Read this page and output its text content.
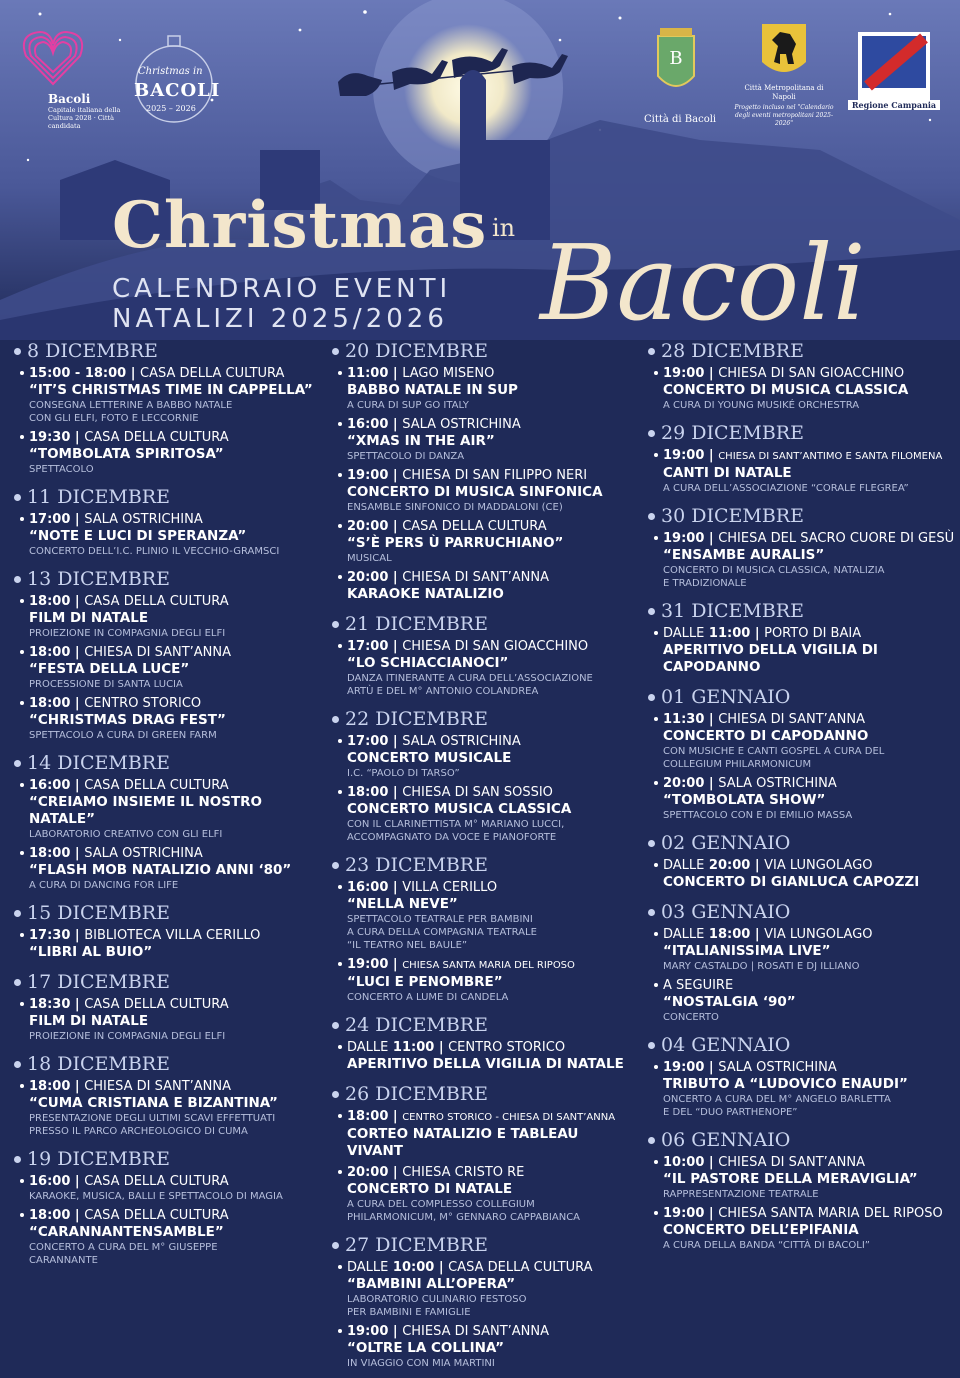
Bacoli
Capitale italiana della Cultura 2028 · Città candidata
Christmas in
BACOLI
2025 – 2026
B
Città di Bacoli
Città Metropolitana di Napoli
Progetto incluso nel "Calendario degli eventi metropolitani 2025-2026"
Regione Campania
Christmas in Bacoli
CALENDRAIO EVENTI
NATALIZI 2025/2026
8 DICEMBRE
15:00 - 18:00 | CASA DELLA CULTURA
“IT’S CHRISTMAS TIME IN CAPPELLA”
CONSEGNA LETTERINE A BABBO NATALE
CON GLI ELFI, FOTO E LECCORNIE
19:30 | CASA DELLA CULTURA
“TOMBOLATA SPIRITOSA”
SPETTACOLO
11 DICEMBRE
17:00 | SALA OSTRICHINA
“NOTE E LUCI DI SPERANZA”
CONCERTO DELL’I.C. PLINIO IL VECCHIO-GRAMSCI
13 DICEMBRE
18:00 | CASA DELLA CULTURA
FILM DI NATALE
PROIEZIONE IN COMPAGNIA DEGLI ELFI
18:00 | CHIESA DI SANT’ANNA
“FESTA DELLA LUCE”
PROCESSIONE DI SANTA LUCIA
18:00 | CENTRO STORICO
“CHRISTMAS DRAG FEST”
SPETTACOLO A CURA DI GREEN FARM
14 DICEMBRE
16:00 | CASA DELLA CULTURA
“CREIAMO INSIEME IL NOSTRO NATALE”
LABORATORIO CREATIVO CON GLI ELFI
18:00 | SALA OSTRICHINA
“FLASH MOB NATALIZIO ANNI ‘80”
A CURA DI DANCING FOR LIFE
15 DICEMBRE
17:30 | BIBLIOTECA VILLA CERILLO
“LIBRI AL BUIO”
17 DICEMBRE
18:30 | CASA DELLA CULTURA
FILM DI NATALE
PROIEZIONE IN COMPAGNIA DEGLI ELFI
18 DICEMBRE
18:00 | CHIESA DI SANT’ANNA
“CUMA CRISTIANA E BIZANTINA”
PRESENTAZIONE DEGLI ULTIMI SCAVI EFFETTUATI
PRESSO IL PARCO ARCHEOLOGICO DI CUMA
19 DICEMBRE
16:00 | CASA DELLA CULTURA
KARAOKE, MUSICA, BALLI E SPETTACOLO DI MAGIA
18:00 | CASA DELLA CULTURA
“CARANNANTENSAMBLE”
CONCERTO A CURA DEL M° GIUSEPPE
CARANNANTE
20 DICEMBRE
11:00 | LAGO MISENO
BABBO NATALE IN SUP
A CURA DI SUP GO ITALY
16:00 | SALA OSTRICHINA
“XMAS IN THE AIR”
SPETTACOLO DI DANZA
19:00 | CHIESA DI SAN FILIPPO NERI
CONCERTO DI MUSICA SINFONICA
ENSAMBLE SINFONICO DI MADDALONI (CE)
20:00 | CASA DELLA CULTURA
“S’È PERS Ù PARRUCHIANO”
MUSICAL
20:00 | CHIESA DI SANT’ANNA
KARAOKE NATALIZIO
21 DICEMBRE
17:00 | CHIESA DI SAN GIOACCHINO
“LO SCHIACCIANOCI”
DANZA ITINERANTE A CURA DELL’ASSOCIAZIONE
ARTÙ E DEL M° ANTONIO COLANDREA
22 DICEMBRE
17:00 | SALA OSTRICHINA
CONCERTO MUSICALE
I.C. “PAOLO DI TARSO”
18:00 | CHIESA DI SAN SOSSIO
CONCERTO MUSICA CLASSICA
CON IL CLARINETTISTA M° MARIANO LUCCI,
ACCOMPAGNATO DA VOCE E PIANOFORTE
23 DICEMBRE
16:00 | VILLA CERILLO
“NELLA NEVE”
SPETTACOLO TEATRALE PER BAMBINI
A CURA DELLA COMPAGNIA TEATRALE
“IL TEATRO NEL BAULE”
19:00 | CHIESA SANTA MARIA DEL RIPOSO
“LUCI E PENOMBRE”
CONCERTO A LUME DI CANDELA
24 DICEMBRE
DALLE 11:00 | CENTRO STORICO
APERITIVO DELLA VIGILIA DI NATALE
26 DICEMBRE
18:00 | CENTRO STORICO - CHIESA DI SANT’ANNA
CORTEO NATALIZIO E TABLEAU VIVANT
20:00 | CHIESA CRISTO RE
CONCERTO DI NATALE
A CURA DEL COMPLESSO COLLEGIUM
PHILARMONICUM, M° GENNARO CAPPABIANCA
27 DICEMBRE
DALLE 10:00 | CASA DELLA CULTURA
“BAMBINI ALL’OPERA”
LABORATORIO CULINARIO FESTOSO
PER BAMBINI E FAMIGLIE
19:00 | CHIESA DI SANT’ANNA
“OLTRE LA COLLINA”
IN VIAGGIO CON MIA MARTINI
28 DICEMBRE
19:00 | CHIESA DI SAN GIOACCHINO
CONCERTO DI MUSICA CLASSICA
A CURA DI YOUNG MUSIKÉ ORCHESTRA
29 DICEMBRE
19:00 | CHIESA DI SANT’ANTIMO E SANTA FILOMENA
CANTI DI NATALE
A CURA DELL’ASSOCIAZIONE “CORALE FLEGREA”
30 DICEMBRE
19:00 | CHIESA DEL SACRO CUORE DI GESÙ
“ENSAMBE AURALIS”
CONCERTO DI MUSICA CLASSICA, NATALIZIA
E TRADIZIONALE
31 DICEMBRE
DALLE 11:00 | PORTO DI BAIA
APERITIVO DELLA VIGILIA DI
CAPODANNO
01 GENNAIO
11:30 | CHIESA DI SANT’ANNA
CONCERTO DI CAPODANNO
CON MUSICHE E CANTI GOSPEL A CURA DEL
COLLEGIUM PHILARMONICUM
20:00 | SALA OSTRICHINA
“TOMBOLATA SHOW”
SPETTACOLO CON E DI EMILIO MASSA
02 GENNAIO
DALLE 20:00 | VIA LUNGOLAGO
CONCERTO DI GIANLUCA CAPOZZI
03 GENNAIO
DALLE 18:00 | VIA LUNGOLAGO
“ITALIANISSIMA LIVE”
MARY CASTALDO | ROSATI E DJ ILLIANO
A SEGUIRE
“NOSTALGIA ‘90”
CONCERTO
04 GENNAIO
19:00 | SALA OSTRICHINA
TRIBUTO A “LUDOVICO ENAUDI”
ONCERTO A CURA DEL M° ANGELO BARLETTA
E DEL “DUO PARTHENOPE”
06 GENNAIO
10:00 | CHIESA DI SANT’ANNA
“IL PASTORE DELLA MERAVIGLIA”
RAPPRESENTAZIONE TEATRALE
19:00 | CHIESA SANTA MARIA DEL RIPOSO
CONCERTO DELL’EPIFANIA
A CURA DELLA BANDA “CITTÀ DI BACOLI”
